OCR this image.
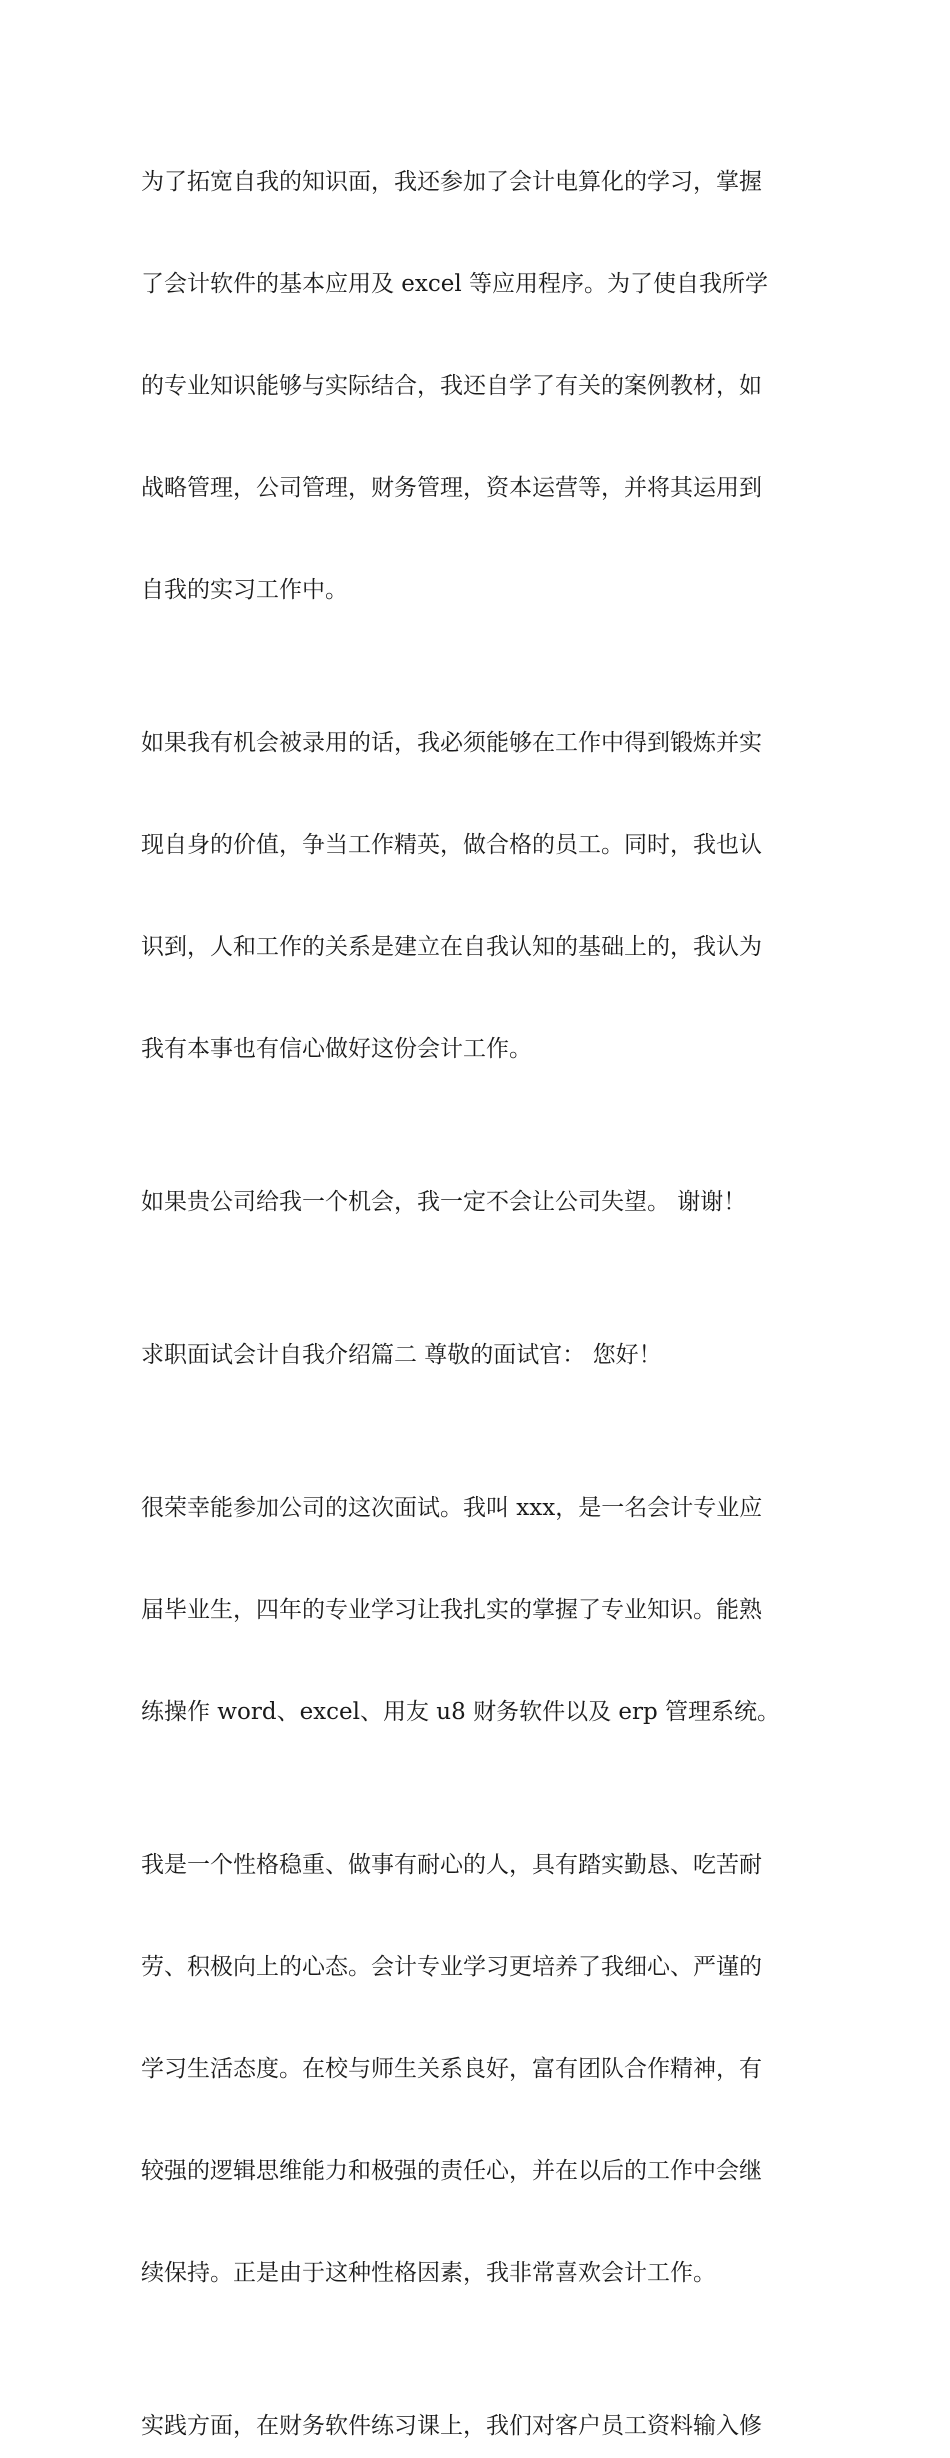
为了拓宽自我的知识面，我还参加了会计电算化的学习，掌握

了会计软件的基本应用及 excel 等应用程序。为了使自我所学

的专业知识能够与实际结合，我还自学了有关的案例教材，如

战略管理，公司管理，财务管理，资本运营等，并将其运用到

自我的实习工作中。

如果我有机会被录用的话，我必须能够在工作中得到锻炼并实

现自身的价值，争当工作精英，做合格的员工。同时，我也认

识到，人和工作的关系是建立在自我认知的基础上的，我认为

我有本事也有信心做好这份会计工作。

如果贵公司给我一个机会，我一定不会让公司失望。 谢谢！

求职面试会计自我介绍篇二 尊敬的面试官： 您好！

很荣幸能参加公司的这次面试。我叫 xxx，是一名会计专业应

届毕业生，四年的专业学习让我扎实的掌握了专业知识。能熟

练操作 word、excel、用友 u8 财务软件以及 erp 管理系统。

我是一个性格稳重、做事有耐心的人，具有踏实勤恳、吃苦耐

劳、积极向上的心态。会计专业学习更培养了我细心、严谨的

学习生活态度。在校与师生关系良好，富有团队合作精神，有

较强的逻辑思维能力和极强的责任心，并在以后的工作中会继

续保持。正是由于这种性格因素，我非常喜欢会计工作。

实践方面，在财务软件练习课上，我们对客户员工资料输入修
